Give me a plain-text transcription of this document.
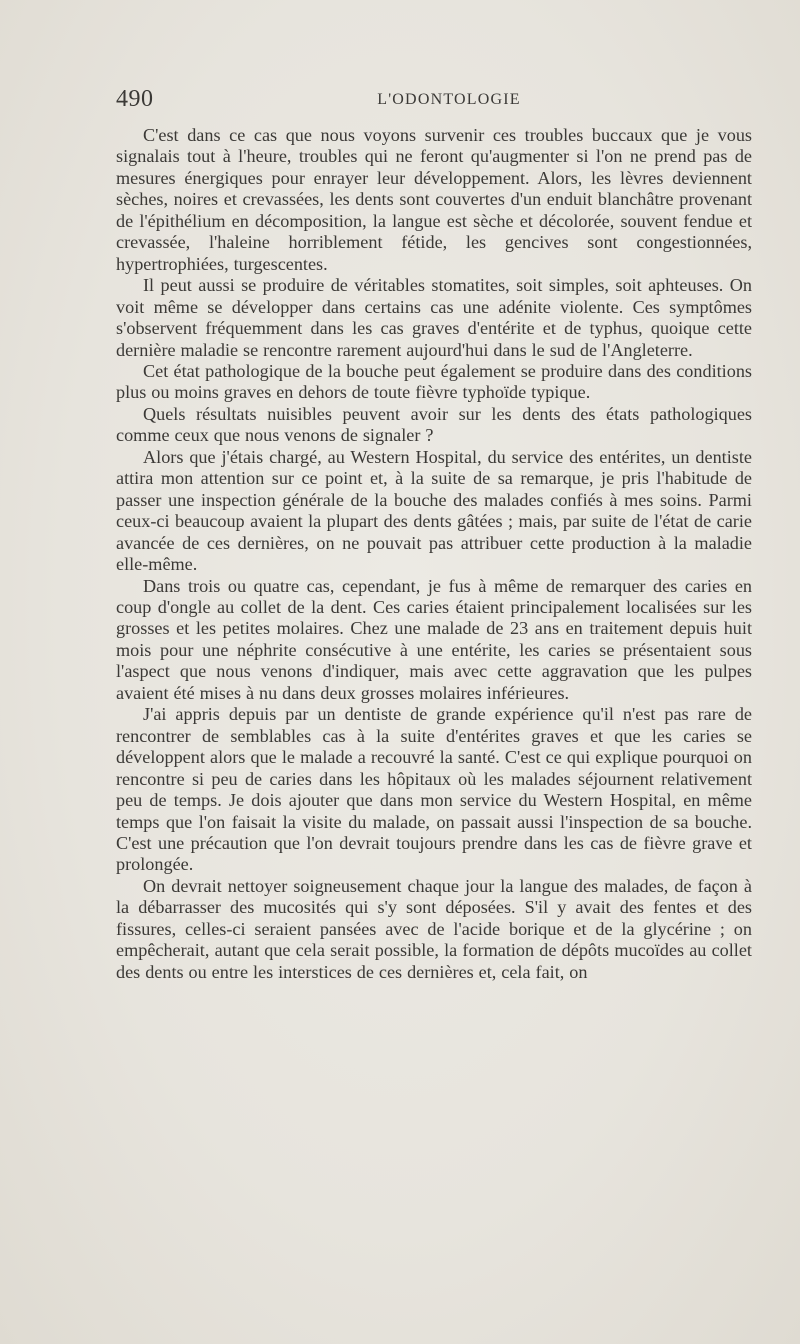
490	L'ODONTOLOGIE

C'est dans ce cas que nous voyons survenir ces troubles buccaux que je vous signalais tout à l'heure, troubles qui ne feront qu'augmenter si l'on ne prend pas de mesures énergiques pour enrayer leur développement. Alors, les lèvres deviennent sèches, noires et crevassées, les dents sont couvertes d'un enduit blanchâtre provenant de l'épithélium en décomposition, la langue est sèche et décolorée, souvent fendue et crevassée, l'haleine horriblement fétide, les gencives sont congestionnées, hypertrophiées, turgescentes.

Il peut aussi se produire de véritables stomatites, soit simples, soit aphteuses. On voit même se développer dans certains cas une adénite violente. Ces symptômes s'observent fréquemment dans les cas graves d'entérite et de typhus, quoique cette dernière maladie se rencontre rarement aujourd'hui dans le sud de l'Angleterre.

Cet état pathologique de la bouche peut également se produire dans des conditions plus ou moins graves en dehors de toute fièvre typhoïde typique.

Quels résultats nuisibles peuvent avoir sur les dents des états pathologiques comme ceux que nous venons de signaler ?

Alors que j'étais chargé, au Western Hospital, du service des entérites, un dentiste attira mon attention sur ce point et, à la suite de sa remarque, je pris l'habitude de passer une inspection générale de la bouche des malades confiés à mes soins. Parmi ceux-ci beaucoup avaient la plupart des dents gâtées ; mais, par suite de l'état de carie avancée de ces dernières, on ne pouvait pas attribuer cette production à la maladie elle-même.

Dans trois ou quatre cas, cependant, je fus à même de remarquer des caries en coup d'ongle au collet de la dent. Ces caries étaient principalement localisées sur les grosses et les petites molaires. Chez une malade de 23 ans en traitement depuis huit mois pour une néphrite consécutive à une entérite, les caries se présentaient sous l'aspect que nous venons d'indiquer, mais avec cette aggravation que les pulpes avaient été mises à nu dans deux grosses molaires inférieures.

J'ai appris depuis par un dentiste de grande expérience qu'il n'est pas rare de rencontrer de semblables cas à la suite d'entérites graves et que les caries se développent alors que le malade a recouvré la santé. C'est ce qui explique pourquoi on rencontre si peu de caries dans les hôpitaux où les malades séjournent relativement peu de temps. Je dois ajouter que dans mon service du Western Hospital, en même temps que l'on faisait la visite du malade, on passait aussi l'inspection de sa bouche. C'est une précaution que l'on devrait toujours prendre dans les cas de fièvre grave et prolongée.

On devrait nettoyer soigneusement chaque jour la langue des malades, de façon à la débarrasser des mucosités qui s'y sont déposées. S'il y avait des fentes et des fissures, celles-ci seraient pansées avec de l'acide borique et de la glycérine ; on empêcherait, autant que cela serait possible, la formation de dépôts mucoïdes au collet des dents ou entre les interstices de ces dernières et, cela fait, on
